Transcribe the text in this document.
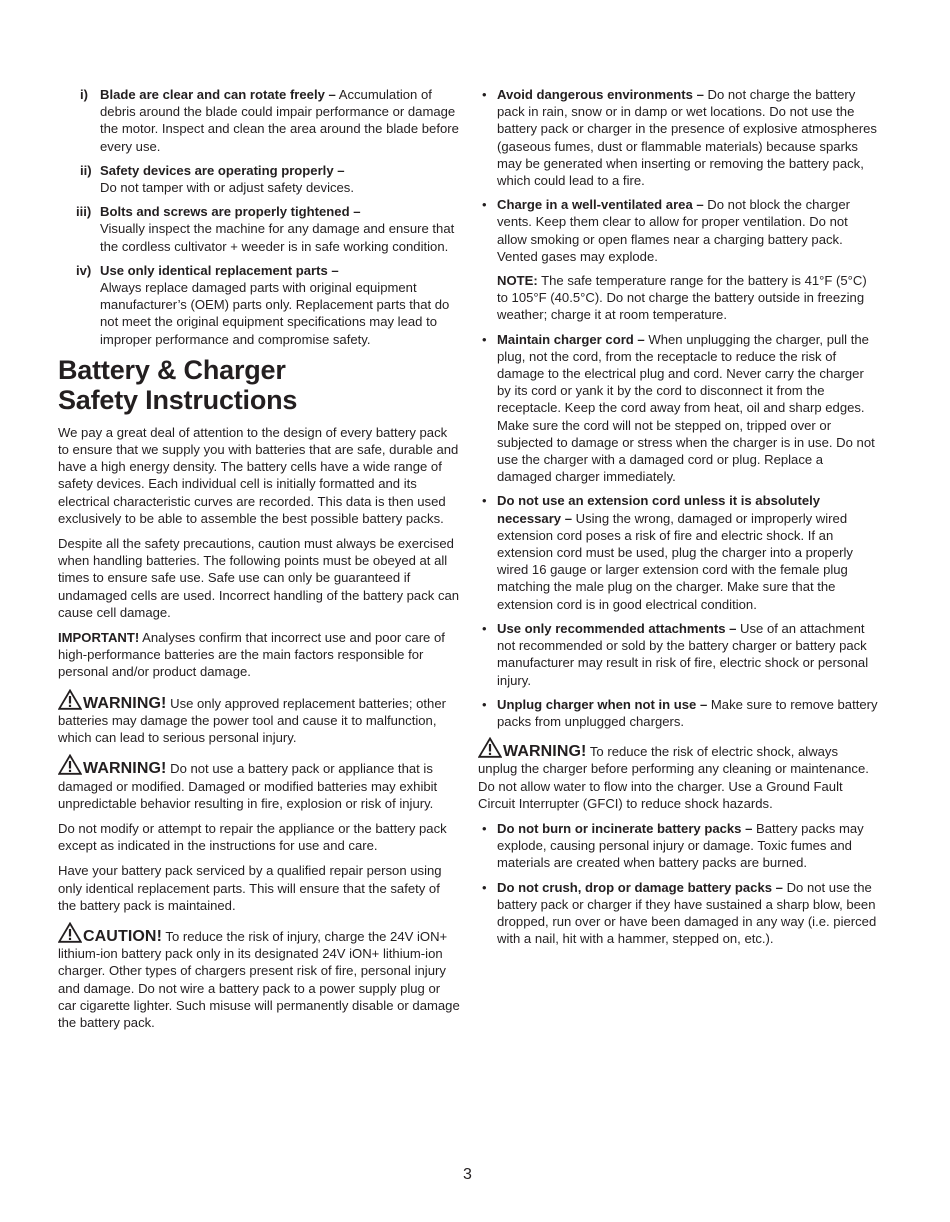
i) Blade are clear and can rotate freely – Accumulation of debris around the blade could impair performance or damage the motor. Inspect and clean the area around the blade before every use.

ii) Safety devices are operating properly –
Do not tamper with or adjust safety devices.

iii) Bolts and screws are properly tightened –
Visually inspect the machine for any damage and ensure that the cordless cultivator + weeder is in safe working condition.

iv) Use only identical replacement parts –
Always replace damaged parts with original equipment manufacturer’s (OEM) parts only. Replacement parts that do not meet the original equipment specifications may lead to improper performance and compromise safety.

Battery & Charger
Safety Instructions

We pay a great deal of attention to the design of every battery pack to ensure that we supply you with batteries that are safe, durable and have a high energy density. The battery cells have a wide range of safety devices. Each individual cell is initially formatted and its electrical characteristic curves are recorded. This data is then used exclusively to be able to assemble the best possible battery packs.

Despite all the safety precautions, caution must always be exercised when handling batteries. The following points must be obeyed at all times to ensure safe use. Safe use can only be guaranteed if undamaged cells are used. Incorrect handling of the battery pack can cause cell damage.

IMPORTANT! Analyses confirm that incorrect use and poor care of high-performance batteries are the main factors responsible for personal and/or product damage.

WARNING! Use only approved replacement batteries; other batteries may damage the power tool and cause it to malfunction, which can lead to serious personal injury.

WARNING! Do not use a battery pack or appliance that is damaged or modified. Damaged or modified batteries may exhibit unpredictable behavior resulting in fire, explosion or risk of injury.

Do not modify or attempt to repair the appliance or the battery pack except as indicated in the instructions for use and care.

Have your battery pack serviced by a qualified repair person using only identical replacement parts. This will ensure that the safety of the battery pack is maintained.

CAUTION! To reduce the risk of injury, charge the 24V iON+ lithium-ion battery pack only in its designated 24V iON+ lithium-ion charger. Other types of chargers present risk of fire, personal injury and damage. Do not wire a battery pack to a power supply plug or car cigarette lighter. Such misuse will permanently disable or damage the battery pack.

• Avoid dangerous environments – Do not charge the battery pack in rain, snow or in damp or wet locations. Do not use the battery pack or charger in the presence of explosive atmospheres (gaseous fumes, dust or flammable materials) because sparks may be generated when inserting or removing the battery pack, which could lead to a fire.

• Charge in a well-ventilated area – Do not block the charger vents. Keep them clear to allow for proper ventilation. Do not allow smoking or open flames near a charging battery pack. Vented gases may explode.

NOTE: The safe temperature range for the battery is 41°F (5°C) to 105°F (40.5°C). Do not charge the battery outside in freezing weather; charge it at room temperature.

• Maintain charger cord – When unplugging the charger, pull the plug, not the cord, from the receptacle to reduce the risk of damage to the electrical plug and cord. Never carry the charger by its cord or yank it by the cord to disconnect it from the receptacle. Keep the cord away from heat, oil and sharp edges. Make sure the cord will not be stepped on, tripped over or subjected to damage or stress when the charger is in use. Do not use the charger with a damaged cord or plug. Replace a damaged charger immediately.

• Do not use an extension cord unless it is absolutely necessary – Using the wrong, damaged or improperly wired extension cord poses a risk of fire and electric shock. If an extension cord must be used, plug the charger into a properly wired 16 gauge or larger extension cord with the female plug matching the male plug on the charger. Make sure that the extension cord is in good electrical condition.

• Use only recommended attachments – Use of an attachment not recommended or sold by the battery charger or battery pack manufacturer may result in risk of fire, electric shock or personal injury.

• Unplug charger when not in use – Make sure to remove battery packs from unplugged chargers.

WARNING! To reduce the risk of electric shock, always unplug the charger before performing any cleaning or maintenance. Do not allow water to flow into the charger. Use a Ground Fault Circuit Interrupter (GFCI) to reduce shock hazards.

• Do not burn or incinerate battery packs – Battery packs may explode, causing personal injury or damage. Toxic fumes and materials are created when battery packs are burned.

• Do not crush, drop or damage battery packs – Do not use the battery pack or charger if they have sustained a sharp blow, been dropped, run over or have been damaged in any way (i.e. pierced with a nail, hit with a hammer, stepped on, etc.).

3
